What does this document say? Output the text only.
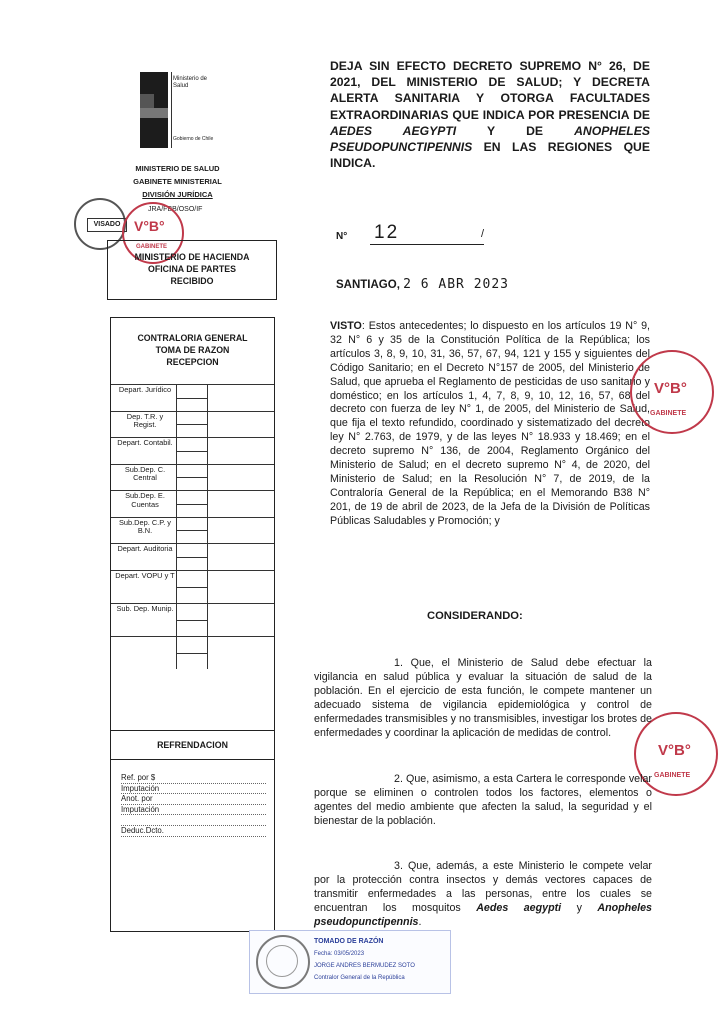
DEJA SIN EFECTO DECRETO SUPREMO N° 26, DE 2021, DEL MINISTERIO DE SALUD; Y DECRETA ALERTA SANITARIA Y OTORGA FACULTADES EXTRAORDINARIAS QUE INDICA POR PRESENCIA DE AEDES AEGYPTI Y DE ANOPHELES PSEUDOPUNCTIPENNIS EN LAS REGIONES QUE INDICA.
Ministerio de
Salud
Gobierno de Chile
MINISTERIO DE SALUD
GABINETE MINISTERIAL
DIVISIÓN JURÍDICA
JRA/FBB/OSO/IF
VISADO V°B°
GABINETE
MINISTERIO DE HACIENDA
OFICINA DE PARTES
RECIBIDO
CONTRALORIA GENERAL
TOMA DE RAZON
RECEPCION
Depart. Jurídico
Dep. T.R. y Regist.
Depart. Contabil.
Sub.Dep. C. Central
Sub.Dep. E. Cuentas
Sub.Dep. C.P. y B.N.
Depart. Auditoria
Depart. VOPU y T
Sub. Dep. Munip.
REFRENDACION
Ref. por $
Imputación
Anot. por
Imputación
Deduc.Dcto.
N° 12	/
SANTIAGO, 2 6 ABR 2023
VISTO: Estos antecedentes; lo dispuesto en los artículos 19 N° 9, 32 N° 6 y 35 de la Constitución Política de la República; los artículos 3, 8, 9, 10, 31, 36, 57, 67, 94, 121 y 155 y siguientes del Código Sanitario; en el Decreto N°157 de 2005, del Ministerio de Salud, que aprueba el Reglamento de pesticidas de uso sanitario y doméstico; en los artículos 1, 4, 7, 8, 9, 10, 12, 16, 57, 68 del decreto con fuerza de ley N° 1, de 2005, del Ministerio de Salud, que fija el texto refundido, coordinado y sistematizado del decreto ley N° 2.763, de 1979, y de las leyes N° 18.933 y 18.469; en el decreto supremo N° 136, de 2004, Reglamento Orgánico del Ministerio de Salud; en el decreto supremo N° 4, de 2020, del Ministerio de Salud; en la Resolución N° 7, de 2019, de la Contraloría General de la República; en el Memorando B38 N° 201, de 19 de abril de 2023, de la Jefa de la División de Políticas Públicas Saludables y Promoción; y
V°B°
GABINETE
V°B°
GABINETE
CONSIDERANDO:
1. Que, el Ministerio de Salud debe efectuar la vigilancia en salud pública y evaluar la situación de salud de la población. En el ejercicio de esta función, le compete mantener un adecuado sistema de vigilancia epidemiológica y control de enfermedades transmisibles y no transmisibles, investigar los brotes de enfermedades y coordinar la aplicación de medidas de control.
2. Que, asimismo, a esta Cartera le corresponde velar porque se eliminen o controlen todos los factores, elementos o agentes del medio ambiente que afecten la salud, la seguridad y el bienestar de la población.
3. Que, además, a este Ministerio le compete velar por la protección contra insectos y demás vectores capaces de transmitir enfermedades a las personas, entre los cuales se encuentran los mosquitos Aedes aegypti y Anopheles pseudopunctipennis.
TOMADO DE RAZÓN
Fecha: 03/05/2023
JORGE ANDRES BERMUDEZ SOTO
Contralor General de la República
